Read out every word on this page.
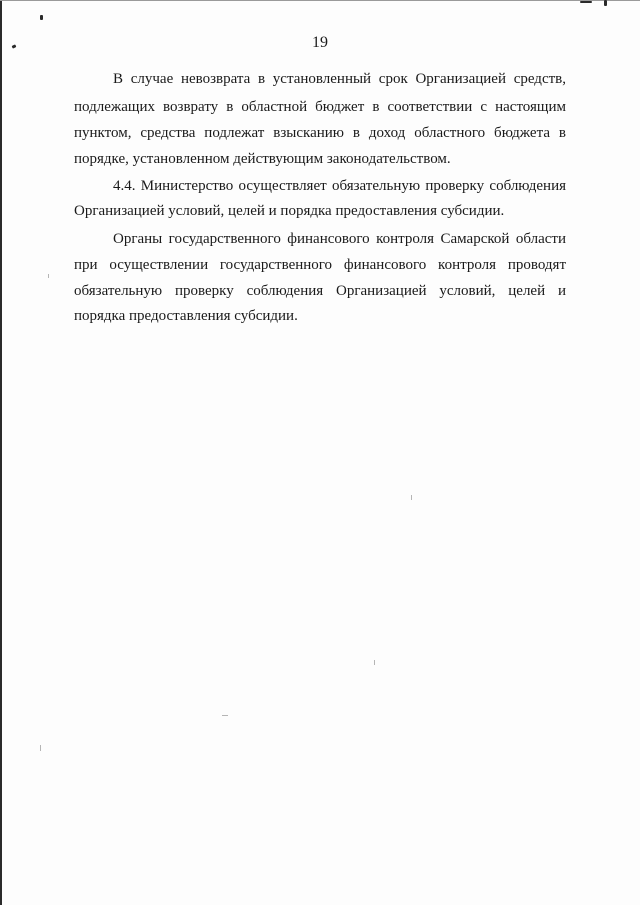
19
В случае невозврата в установленный срок Организацией средств,
подлежащих возврату в областной бюджет в соответствии с настоящим
пунктом, средства подлежат взысканию в доход областного бюджета в
порядке, установленном действующим законодательством.
4.4. Министерство осуществляет обязательную проверку соблюдения
Организацией условий, целей и порядка предоставления субсидии.
Органы государственного финансового контроля Самарской области
при осуществлении государственного финансового контроля проводят
обязательную проверку соблюдения Организацией условий, целей и
порядка предоставления субсидии.
